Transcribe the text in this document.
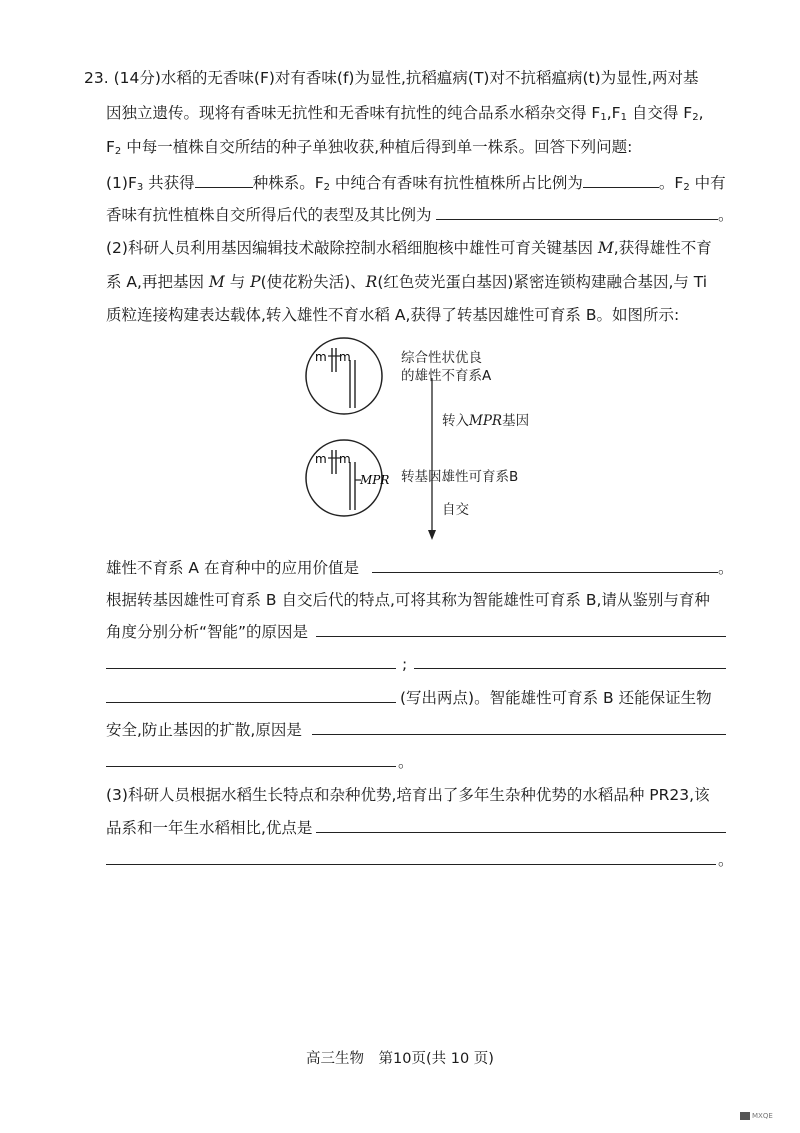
23. (14分)水稻的无香味(F)对有香味(f)为显性,抗稻瘟病(T)对不抗稻瘟病(t)为显性,两对基
因独立遗传。现将有香味无抗性和无香味有抗性的纯合品系水稻杂交得 $F_1,F_1$ 自交得 $F_2$,
$F_2$ 中每一植株自交所结的种子单独收获,种植后得到单一株系。回答下列问题:
$(1)F_3$ 共获得	种株系。$F_2$ 中纯合有香味有抗性植株所占比例为	。$F_2$ 中有
香味有抗性植株自交所得后代的表型及其比例为	。
(2)科研人员利用基因编辑技术敲除控制水稻细胞核中雄性可育关键基因 M,获得雄性不育
系 A,再把基因 M 与 P(使花粉失活)、R(红色荧光蛋白基因)紧密连锁构建融合基因,与 Ti
质粒连接构建表达载体,转入雄性不育水稻 A,获得了转基因雄性可育系 B。如图所示:
m m
m m
MPR
综合性状优良
的雄性不育系A
转入MPR基因
转基因雄性可育系B
自交
雄性不育系 A 在育种中的应用价值是	。
根据转基因雄性可育系 B 自交后代的特点,可将其称为智能雄性可育系 B,请从鉴别与育种
角度分别分析“智能”的原因是
;
(写出两点)。智能雄性可育系 B 还能保证生物
安全,防止基因的扩散,原因是
。
(3)科研人员根据水稻生长特点和杂种优势,培育出了多年生杂种优势的水稻品种 PR23,该
品系和一年生水稻相比,优点是
。
高三生物　第10页(共 10 页)
MXQE
